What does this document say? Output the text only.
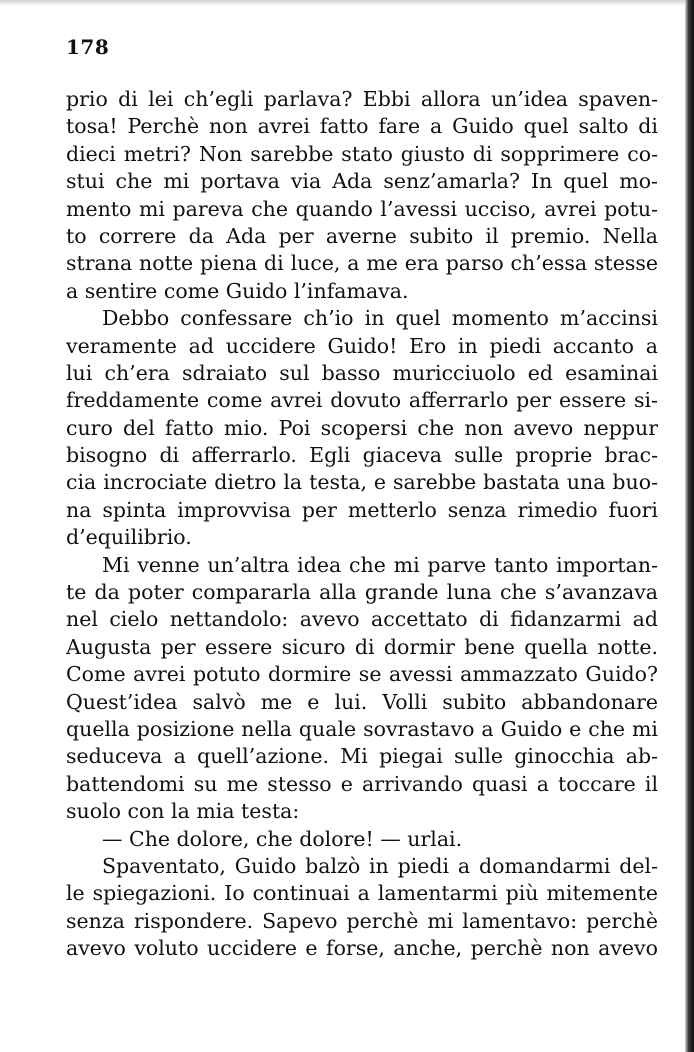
178
prio di lei ch’egli parlava? Ebbi allora un’idea spaven-
tosa! Perchè non avrei fatto fare a Guido quel salto di
dieci metri? Non sarebbe stato giusto di sopprimere co-
stui che mi portava via Ada senz’amarla? In quel mo-
mento mi pareva che quando l’avessi ucciso, avrei potu-
to correre da Ada per averne subito il premio. Nella
strana notte piena di luce, a me era parso ch’essa stesse
a sentire come Guido l’infamava.
Debbo confessare ch’io in quel momento m’accinsi
veramente ad uccidere Guido! Ero in piedi accanto a
lui ch’era sdraiato sul basso muricciuolo ed esaminai
freddamente come avrei dovuto afferrarlo per essere si-
curo del fatto mio. Poi scopersi che non avevo neppur
bisogno di afferrarlo. Egli giaceva sulle proprie brac-
cia incrociate dietro la testa, e sarebbe bastata una buo-
na spinta improvvisa per metterlo senza rimedio fuori
d’equilibrio.
Mi venne un’altra idea che mi parve tanto importan-
te da poter compararla alla grande luna che s’avanzava
nel cielo nettandolo: avevo accettato di fidanzarmi ad
Augusta per essere sicuro di dormir bene quella notte.
Come avrei potuto dormire se avessi ammazzato Guido?
Quest’idea salvò me e lui. Volli subito abbandonare
quella posizione nella quale sovrastavo a Guido e che mi
seduceva a quell’azione. Mi piegai sulle ginocchia ab-
battendomi su me stesso e arrivando quasi a toccare il
suolo con la mia testa:
— Che dolore, che dolore! — urlai.
Spaventato, Guido balzò in piedi a domandarmi del-
le spiegazioni. Io continuai a lamentarmi più mitemente
senza rispondere. Sapevo perchè mi lamentavo: perchè
avevo voluto uccidere e forse, anche, perchè non avevo
